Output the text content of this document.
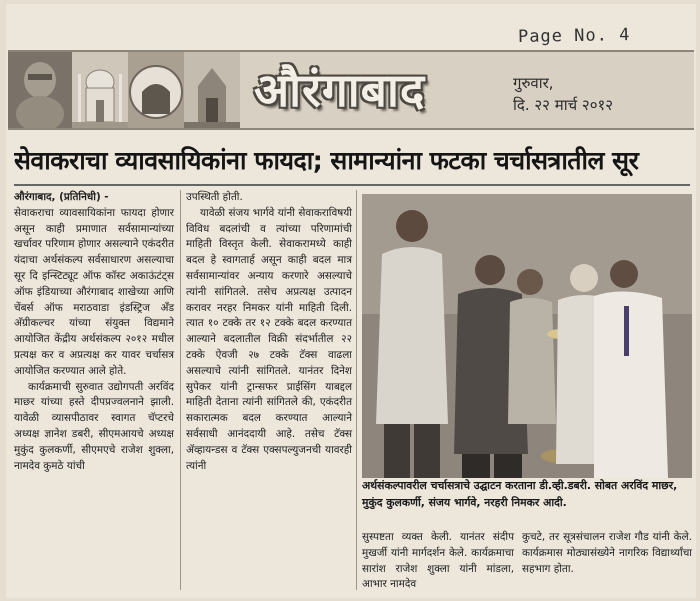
Page No. 4
औरंगाबाद	गुरुवार,
दि. २२ मार्च २०१२
सेवाकराचा व्यावसायिकांना फायदा; सामान्यांना फटका चर्चासत्रातील सूर

औरंगाबाद, (प्रतिनिधी) -

सेवाकराचा व्यावसायिकांना फायदा होणार असून काही प्रमाणात सर्वसामान्यांच्या खर्चावर परिणाम होणार असल्याने एकंदरीत यंदाचा अर्थसंकल्प सर्वसाधारण असल्याचा सूर दि इन्स्टिट्यूट ऑफ कॉस्ट अकाऊंटंट्स ऑफ इंडियाच्या औरंगाबाद शाखेच्या आणि चेंबर्स ऑफ मराठवाडा इंडस्ट्रिज अँड अ‍ॅग्रीकल्चर यांच्या संयुक्त विद्यमाने आयोजित केंद्रीय अर्थसंकल्प २०१२ मधील प्रत्यक्ष कर व अप्रत्यक्ष कर यावर चर्चासत्र आयोजित करण्यात आले होते.

कार्यक्रमाची सुरुवात उद्योगपती अरविंद माछर यांच्या हस्ते दीपप्रज्वलनाने झाली. यावेळी व्यासपीठावर स्वागत चॅप्टरचे अध्यक्ष ज्ञानेश डबरी, सीएमआयचे अध्यक्ष मुकुंद कुलकर्णी, सीएमएचे राजेश शुक्ला, नामदेव कुमठे यांची

उपस्थिती होती.

यावेळी संजय भार्गवे यांनी सेवाकराविषयी विविध बदलांची व त्यांच्या परिणामांची माहिती विस्तृत केली. सेवाकरामध्ये काही बदल हे स्वागतार्ह असून काही बदल मात्र सर्वसामान्यांवर अन्याय करणारे असल्याचे त्यांनी सांगितले. तसेच अप्रत्यक्ष उत्पादन करावर नरहर निमकर यांनी माहिती दिली. त्यात १० टक्के तर १२ टक्के बदल करण्यात आल्याने बदलातील विक्री संदर्भातील २२ टक्के ऐवजी २७ टक्के टॅक्स वाढला असल्याचे त्यांनी सांगितले. यानंतर दिनेश सुपेकर यांनी ट्रान्सफर प्राईसिंग याबद्दल माहिती देताना त्यांनी सांगितले की, एकंदरीत सकारात्मक बदल करण्यात आल्याने सर्वसाधी आनंददायी आहे. तसेच टॅक्स ॲव्हायन्डस व टॅक्स एक्सपल्युजनची यावरही त्यांनी

अर्थसंकल्पावरील चर्चासत्राचे उद्घाटन करताना डी.व्ही.डबरी. सोबत अरविंद माछर, मुकुंद कुलकर्णी, संजय भार्गवे, नरहरी निमकर आदी.
सुस्पष्टता व्यक्त केली. यानंतर संदीप मुखर्जी यांनी मार्गदर्शन केले. कार्यक्रमाचा सारांश राजेश शुक्ला यांनी मांडला, आभार नामदेव
कुचटे, तर सूत्रसंचालन राजेश गौड यांनी केले. कार्यक्रमास मोठ्यासंख्येने नागरिक विद्यार्थ्यांचा सहभाग होता.
